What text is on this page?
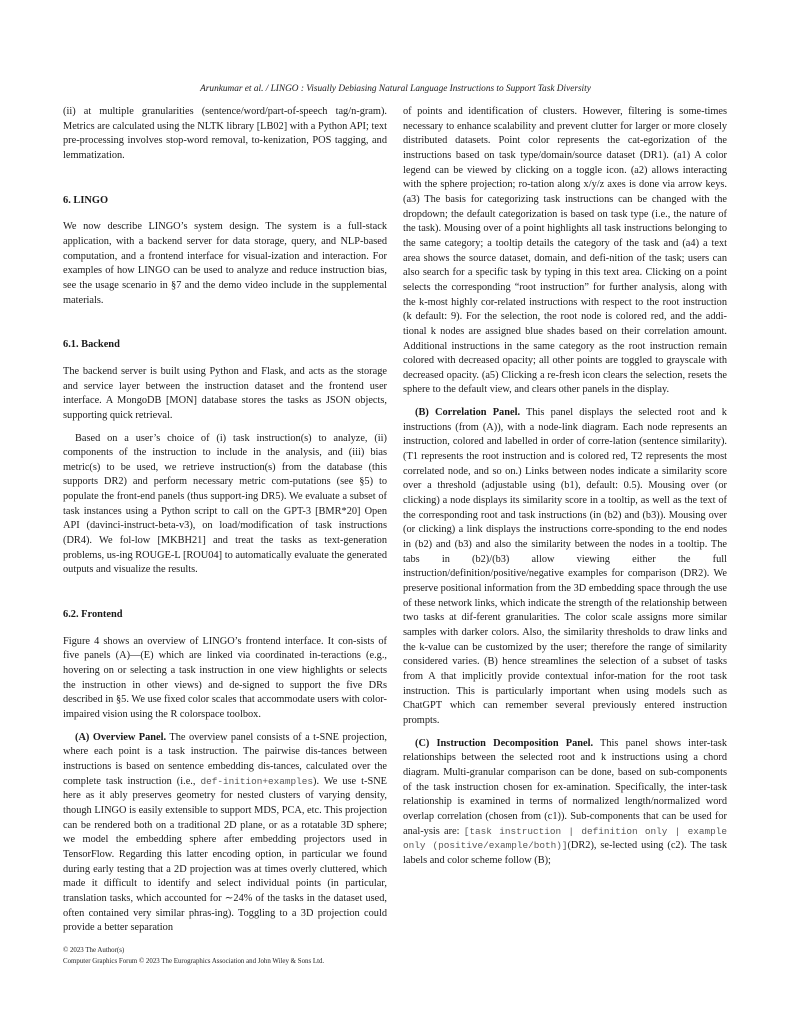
Arunkumar et al. / LINGO : Visually Debiasing Natural Language Instructions to Support Task Diversity

(ii) at multiple granularities (sentence/word/part-of-speech tag/n-gram). Metrics are calculated using the NLTK library [LB02] with a Python API; text pre-processing involves stop-word removal, to-kenization, POS tagging, and lemmatization.

6. LINGO

We now describe LINGO’s system design. The system is a full-stack application, with a backend server for data storage, query, and NLP-based computation, and a frontend interface for visual-ization and interaction. For examples of how LINGO can be used to analyze and reduce instruction bias, see the usage scenario in §7 and the demo video include in the supplemental materials.

6.1. Backend

The backend server is built using Python and Flask, and acts as the storage and service layer between the instruction dataset and the frontend user interface. A MongoDB [MON] database stores the tasks as JSON objects, supporting quick retrieval.

Based on a user’s choice of (i) task instruction(s) to analyze, (ii) components of the instruction to include in the analysis, and (iii) bias metric(s) to be used, we retrieve instruction(s) from the database (this supports DR2) and perform necessary metric com-putations (see §5) to populate the front-end panels (thus support-ing DR5). We evaluate a subset of task instances using a Python script to call on the GPT-3 [BMR*20] Open API (davinci-instruct-beta-v3), on load/modification of task instructions (DR4). We fol-low [MKBH21] and treat the tasks as text-generation problems, us-ing ROUGE-L [ROU04] to automatically evaluate the generated outputs and visualize the results.

6.2. Frontend

Figure 4 shows an overview of LINGO’s frontend interface. It con-sists of five panels (A)—(E) which are linked via coordinated in-teractions (e.g., hovering on or selecting a task instruction in one view highlights or selects the instruction in other views) and de-signed to support the five DRs described in §5. We use fixed color scales that accommodate users with color-impaired vision using the R colorspace toolbox.

(A) Overview Panel. The overview panel consists of a t-SNE projection, where each point is a task instruction. The pairwise dis-tances between instructions is based on sentence embedding dis-tances, calculated over the complete task instruction (i.e., def-inition+examples). We use t-SNE here as it ably preserves geometry for nested clusters of varying density, though LINGO is easily extensible to support MDS, PCA, etc. This projection can be rendered both on a traditional 2D plane, or as a rotatable 3D sphere; we model the embedding sphere after embedding projectors used in TensorFlow. Regarding this latter encoding option, in particular we found during early testing that a 2D projection was at times overly cluttered, which made it difficult to identify and select individual points (in particular, translation tasks, which accounted for ∼24% of the tasks in the dataset used, often contained very similar phras-ing). Toggling to a 3D projection could provide a better separation

of points and identification of clusters. However, filtering is some-times necessary to enhance scalability and prevent clutter for larger or more closely distributed datasets. Point color represents the cat-egorization of the instructions based on task type/domain/source dataset (DR1). (a1) A color legend can be viewed by clicking on a toggle icon. (a2) allows interacting with the sphere projection; ro-tation along x/y/z axes is done via arrow keys. (a3) The basis for categorizing task instructions can be changed with the dropdown; the default categorization is based on task type (i.e., the nature of the task). Mousing over of a point highlights all task instructions belonging to the same category; a tooltip details the category of the task and (a4) a text area shows the source dataset, domain, and defi-nition of the task; users can also search for a specific task by typing in this text area. Clicking on a point selects the corresponding “root instruction” for further analysis, along with the k-most highly cor-related instructions with respect to the root instruction (k default: 9). For the selection, the root node is colored red, and the addi-tional k nodes are assigned blue shades based on their correlation amount. Additional instructions in the same category as the root instruction remain colored with decreased opacity; all other points are toggled to grayscale with decreased opacity. (a5) Clicking a re-fresh icon clears the selection, resets the sphere to the default view, and clears other panels in the display.

(B) Correlation Panel. This panel displays the selected root and k instructions (from (A)), with a node-link diagram. Each node represents an instruction, colored and labelled in order of corre-lation (sentence similarity). (T1 represents the root instruction and is colored red, T2 represents the most correlated node, and so on.) Links between nodes indicate a similarity score over a threshold (adjustable using (b1), default: 0.5). Mousing over (or clicking) a node displays its similarity score in a tooltip, as well as the text of the corresponding root and task instructions (in (b2) and (b3)). Mousing over (or clicking) a link displays the instructions corre-sponding to the end nodes in (b2) and (b3) and also the similarity between the nodes in a tooltip. The tabs in (b2)/(b3) allow viewing either the full instruction/definition/positive/negative examples for comparison (DR2). We preserve positional information from the 3D embedding space through the use of these network links, which indicate the strength of the relationship between two tasks at dif-ferent granularities. The color scale assigns more similar samples with darker colors. Also, the similarity thresholds to draw links and the k-value can be customized by the user; therefore the range of similarity considered varies. (B) hence streamlines the selection of a subset of tasks from A that implicitly provide contextual infor-mation for the root task instruction. This is particularly important when using models such as ChatGPT which can remember several previously entered instruction prompts.

(C) Instruction Decomposition Panel. This panel shows inter-task relationships between the selected root and k instructions using a chord diagram. Multi-granular comparison can be done, based on sub-components of the task instruction chosen for ex-amination. Specifically, the inter-task relationship is examined in terms of normalized length/normalized word overlap correlation (chosen from (c1)). Sub-components that can be used for anal-ysis are: [task instruction | definition only | example only (positive/example/both)](DR2), se-lected using (c2). The task labels and color scheme follow (B);

© 2023 The Author(s)
Computer Graphics Forum © 2023 The Eurographics Association and John Wiley & Sons Ltd.
